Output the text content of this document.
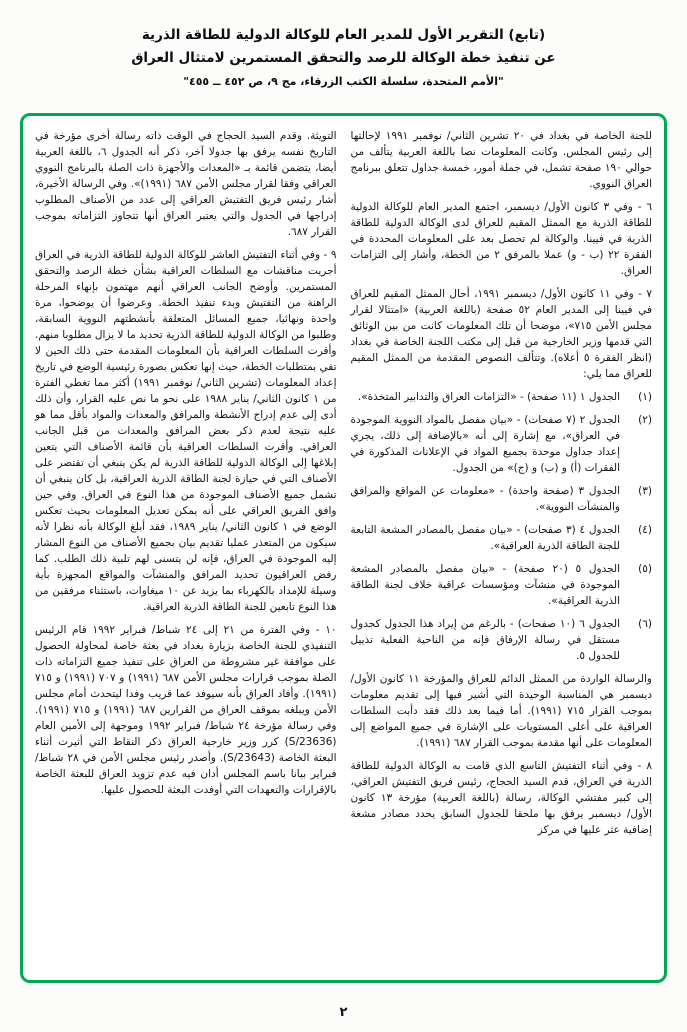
(تابع) التقرير الأول للمدير العام للوكالة الدولية للطاقة الذرية
عن تنفيذ خطة الوكالة للرصد والتحقق المستمرين لامتثال العراق
"الأمم المتحدة، سلسلة الكتب الزرقاء، مج ٩، ص ٤٥٢ ــ ٤٥٥"

للجنة الخاصة في بغداد في ٢٠ تشرين الثاني/ نوفمبر ١٩٩١ لإحالتها إلى رئيس المجلس. وكانت المعلومات نصا باللغة العربية يتألف من حوالي ١٩٠ صفحة تشمل، في جملة أمور، خمسة جداول تتعلق ببرنامج العراق النووي.

٦ - وفي ٣ كانون الأول/ ديسمبر، اجتمع المدير العام للوكالة الدولية للطاقة الذرية مع الممثل المقيم للعراق لدى الوكالة الدولية للطاقة الذرية في فيينا. والوكالة لم تحصل بعد على المعلومات المحددة في الفقرة ٢٢ (ب - و) عملا بالمرفق ٢ من الخطة، وأشار إلى التزامات العراق.

٧ - وفي ١١ كانون الأول/ ديسمبر ١٩٩١، أحال الممثل المقيم للعراق في فيينا إلى المدير العام ٥٢ صفحة (باللغة العربية) «امتثالا لقرار مجلس الأمن ٧١٥»، موضحا أن تلك المعلومات كانت من بين الوثائق التي قدمها وزير الخارجية من قبل إلى مكتب اللجنة الخاصة في بغداد (انظر الفقرة ٥ أعلاه). وتتألف النصوص المقدمة من الممثل المقيم للعراق مما يلي:

(١)
الجدول ١ (١١ صفحة) - «التزامات العراق والتدابير المتخذة».
(٢)
الجدول ٢ (٧ صفحات) - «بيان مفصل بالمواد النووية الموجودة في العراق»، مع إشارة إلى أنه «بالإضافة إلى ذلك، يجري إعداد جداول موحدة بجميع المواد في الإعلانات المذكورة في الفقرات (أ) و (ب) و (ج)» من الجدول.
(٣)
الجدول ٣ (صفحة واحدة) - «معلومات عن المواقع والمرافق والمنشآت النووية».
(٤)
الجدول ٤ (٣ صفحات) - «بيان مفصل بالمصادر المشعة التابعة للجنة الطاقة الذرية العراقية».
(٥)
الجدول ٥ (٢٠ صفحة) - «بيان مفصل بالمصادر المشعة الموجودة في منشآت ومؤسسات عراقية خلاف لجنة الطاقة الذرية العراقية».
(٦)
الجدول ٦ (١٠ صفحات) - بالرغم من إيراد هذا الجدول كجدول مستقل في رسالة الإرفاق فإنه من الناحية الفعلية تذييل للجدول ٥.

والرسالة الواردة من الممثل الدائم للعراق والمؤرخة ١١ كانون الأول/ ديسمبر هي المناسبة الوحيدة التي أشير فيها إلى تقديم معلومات بموجب القرار ٧١٥ (١٩٩١). أما فيما بعد ذلك فقد دأبت السلطات العراقية على أعلى المستويات على الإشارة في جميع المواضع إلى المعلومات على أنها مقدمة بموجب القرار ٦٨٧ (١٩٩١).

٨ - وفي أثناء التفتيش التاسع الذي قامت به الوكالة الدولية للطاقة الذرية في العراق، قدم السيد الحجاج، رئيس فريق التفتيش العراقي، إلى كبير مفتشي الوكالة، رسالة (باللغة العربية) مؤرخة ١٣ كانون الأول/ ديسمبر يرفق بها ملحقا للجدول السابق يحدد مصادر مشعة إضافية عثر عليها في مركز

التويثة. وقدم السيد الحجاج في الوقت ذاته رسالة أخرى مؤرخة في التاريخ نفسه يرفق بها جدولا آخر، ذكر أنه الجدول ٦، باللغة العربية أيضا، يتضمن قائمة بـ «المعدات والأجهزة ذات الصلة بالبرنامج النووي العراقي وفقا لقرار مجلس الأمن ٦٨٧ (١٩٩١)». وفي الرسالة الأخيرة، أشار رئيس فريق التفتيش العراقي إلى عدد من الأصناف المطلوب إدراجها في الجدول والتي يعتبر العراق أنها تتجاوز التزاماته بموجب القرار ٦٨٧.

٩ - وفي أثناء التفتيش العاشر للوكالة الدولية للطاقة الذرية في العراق أجريت مناقشات مع السلطات العراقية بشأن خطة الرصد والتحقق المستمرين. وأوضح الجانب العراقي أنهم مهتمون بإنهاء المرحلة الراهنة من التفتيش وبدء تنفيذ الخطة. وعرضوا أن يوضحوا، مرة واحدة ونهائيا، جميع المسائل المتعلقة بأنشطتهم النووية السابقة، وطلبوا من الوكالة الدولية للطاقة الذرية تحديد ما لا يزال مطلوبا منهم. وأقرت السلطات العراقية بأن المعلومات المقدمة حتى ذلك الحين لا تفي بمتطلبات الخطة، حيث إنها تعكس بصورة رئيسية الوضع في تاريخ إعداد المعلومات (تشرين الثاني/ نوفمبر ١٩٩١) أكثر مما تغطي الفترة من ١ كانون الثاني/ يناير ١٩٨٨ على نحو ما نص عليه القرار، وأن ذلك أدى إلى عدم إدراج الأنشطة والمرافق والمعدات والمواد بأقل مما هو عليه نتيجة لعدم ذكر بعض المرافق والمعدات من قبل الجانب العراقي. وأقرت السلطات العراقية بأن قائمة الأصناف التي يتعين إبلاغها إلى الوكالة الدولية للطاقة الذرية لم يكن ينبغي أن تقتصر على الأصناف التي في حيازة لجنة الطاقة الذرية العراقية، بل كان ينبغي أن تشمل جميع الأصناف الموجودة من هذا النوع في العراق. وفي حين وافق الفريق العراقي على أنه يمكن تعديل المعلومات بحيث تعكس الوضع في ١ كانون الثاني/ يناير ١٩٨٩، فقد أبلغ الوكالة بأنه نظرا لأنه سيكون من المتعذر عمليا تقديم بيان بجميع الأصناف من النوع المشار إليه الموجودة في العراق، فإنه لن يتسنى لهم تلبية ذلك الطلب. كما رفض العراقيون تحديد المرافق والمنشآت والمواقع المجهزة بأية وسيلة للإمداد بالكهرباء بما يزيد عن ١٠ ميغاوات، باستثناء مرفقين من هذا النوع تابعين للجنة الطاقة الذرية العراقية.

١٠ - وفي الفترة من ٢١ إلى ٢٤ شباط/ فبراير ١٩٩٢ قام الرئيس التنفيذي للجنة الخاصة بزيارة بغداد في بعثة خاصة لمحاولة الحصول على موافقة غير مشروطة من العراق على تنفيذ جميع التزاماته ذات الصلة بموجب قرارات مجلس الأمن ٦٨٧ (١٩٩١) و ٧٠٧ (١٩٩١) و ٧١٥ (١٩٩١). وأفاد العراق بأنه سيوفد عما قريب وفدا ليتحدث أمام مجلس الأمن ويبلغه بموقف العراق من القرارين ٦٨٧ (١٩٩١) و ٧١٥ (١٩٩١). وفي رسالة مؤرخة ٢٤ شباط/ فبراير ١٩٩٢ وموجهة إلى الأمين العام (S/23636) كرر وزير خارجية العراق ذكر النقاط التي أثيرت أثناء البعثة الخاصة (S/23643). وأصدر رئيس مجلس الأمن في ٢٨ شباط/ فبراير بيانا باسم المجلس أدان فيه عدم تزويد العراق للبعثة الخاصة بالإقرارات والتعهدات التي أوفدت البعثة للحصول عليها.

٢
